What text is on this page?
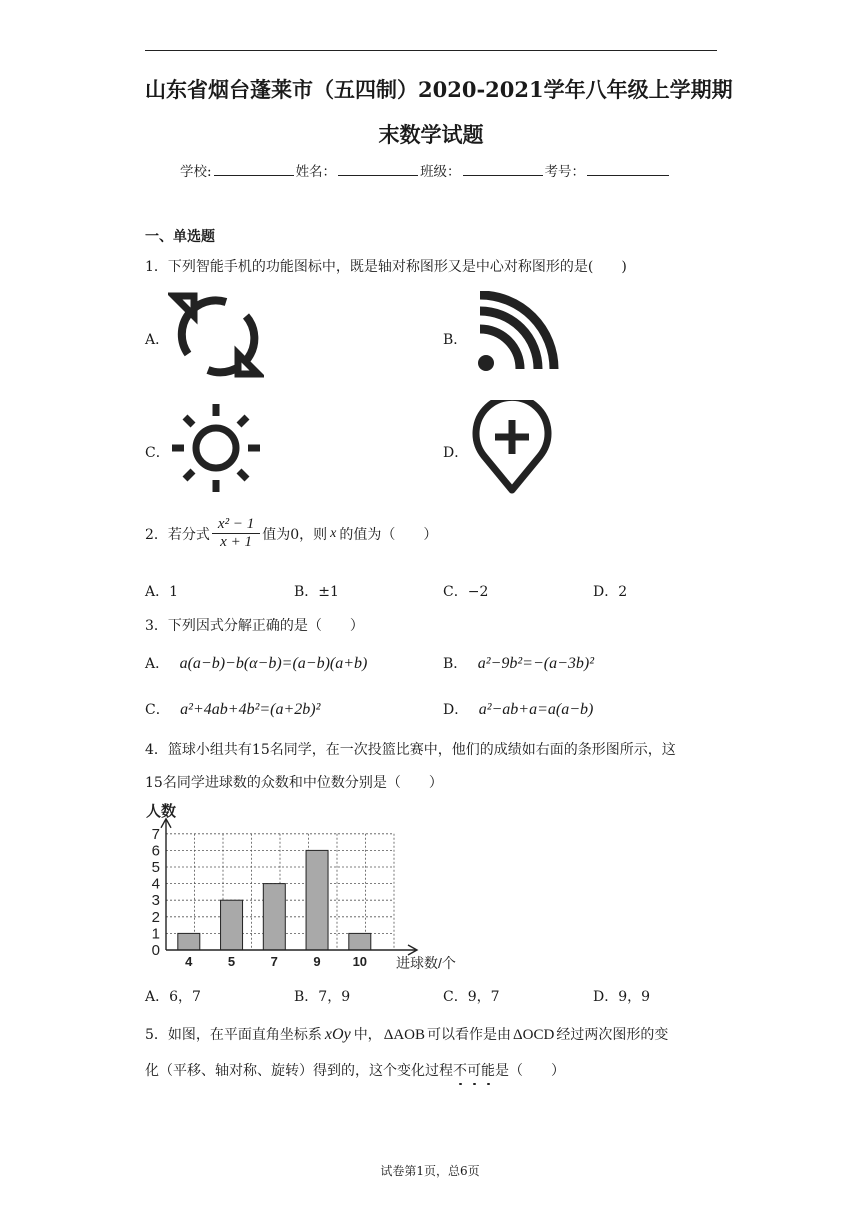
山东省烟台蓬莱市（五四制）2020-2021学年八年级上学期期
末数学试题
学校:	姓名：	班级：	考号：
一、单选题
1．下列智能手机的功能图标中，既是轴对称图形又是中心对称图形的是(　　)
A．	B．
C．	D．
2．若分式 $\frac{\text{x² − 1}}{x + 1}$ 值为0，则 x 的值为（　　）
A．1	B．±1	C．−2	D．2
3．下列因式分解正确的是（　　）
A． a(a−b)−b(α−b)=(a−b)(a+b)	B． a²−9b²=−(a−3b)²
C． a²+4ab+4b²=(a+2b)²	D． a²−ab+a=a(a−b)
4．篮球小组共有15名同学，在一次投篮比赛中，他们的成绩如右面的条形图所示，这
15名同学进球数的众数和中位数分别是（　　）
0
1
2
3
4
5
6
7
4	5	7	9 10
人数
进球数/个
A．6，7	B．7，9	C．9，7	D．9，9
5．如图，在平面直角坐标系 xOy 中， ΔAOB 可以看作是由 ΔOCD 经过两次图形的变
化（平移、轴对称、旋转）得到的，这个变化过程不可能是（　　）
试卷第1页，总6页
